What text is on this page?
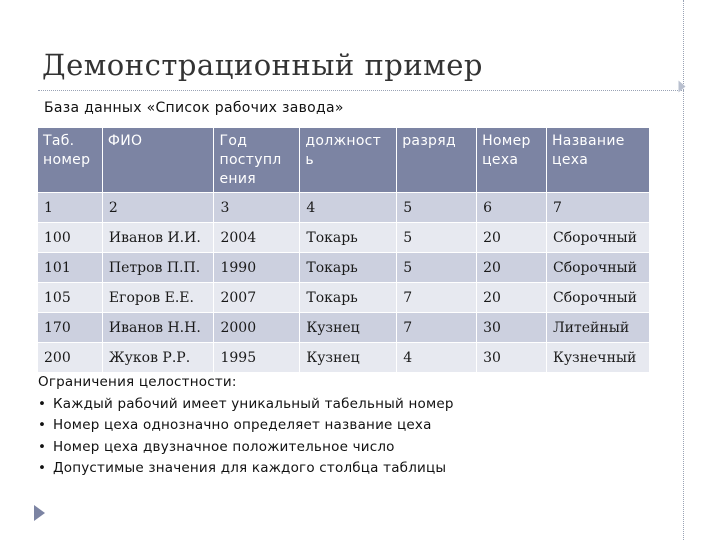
Демонстрационный пример
База данных «Список рабочих завода»
Таб. номер	ФИО	Год поступл ения	должност ь	разряд	Номер цеха	Название цеха
1	2	3	4	5	6	7
100	Иванов И.И.	2004	Токарь	5	20	Сборочный
101	Петров П.П.	1990	Токарь	5	20	Сборочный
105	Егоров Е.Е.	2007	Токарь	7	20	Сборочный
170	Иванов Н.Н.	2000	Кузнец	7	30	Литейный
200	Жуков Р.Р.	1995	Кузнец	4	30	Кузнечный
Ограничения целостности:
• Каждый рабочий имеет уникальный табельный номер
• Номер цеха однозначно определяет название цеха
• Номер цеха двузначное положительное число
• Допустимые значения для каждого столбца таблицы
